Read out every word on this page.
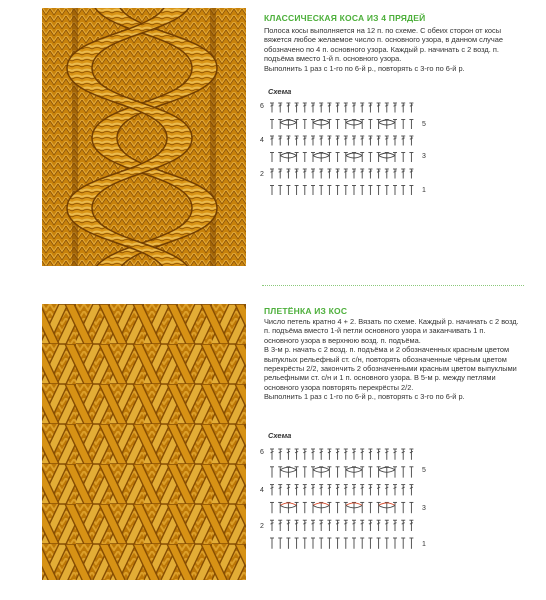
КЛАССИЧЕСКАЯ КОСА ИЗ 4 ПРЯДЕЙ

Полоса косы выполняется на 12 п. по схеме. С обеих сторон от косы вяжется любое желаемое число п. основного узора, в данном случае обозначено по 4 п. основного узора. Каждый р. начинать с 2 возд. п. подъёма вместо 1-й п. основного узора.

Выполнить 1 раз с 1-го по 6-й р., повторять с 3-го по 6-й р.

Схема
6
4
2
5
3
1
ПЛЕТЁНКА ИЗ КОС

Число петель кратно 4 + 2. Вязать по схеме. Каждый р. начинать с 2 возд. п. подъёма вместо 1-й петли основного узора и заканчивать 1 п. основного узора в верхнюю возд. п. подъёма.

В 3-м р. начать с 2 возд. п. подъёма и 2 обозначенных красным цветом выпуклых рельефный ст. с/н, повторять обозначенные чёрным цветом перекрёсты 2/2, закончить 2 обозначенными красным цветом выпуклыми рельефными ст. с/н и 1 п. основного узора. В 5-м р. между петлями основного узора повторять перекрёсты 2/2.

Выполнить 1 раз с 1-го по 6-й р., повторять с 3-го по 6-й р.

Схема
6
4
2
5
3
1
